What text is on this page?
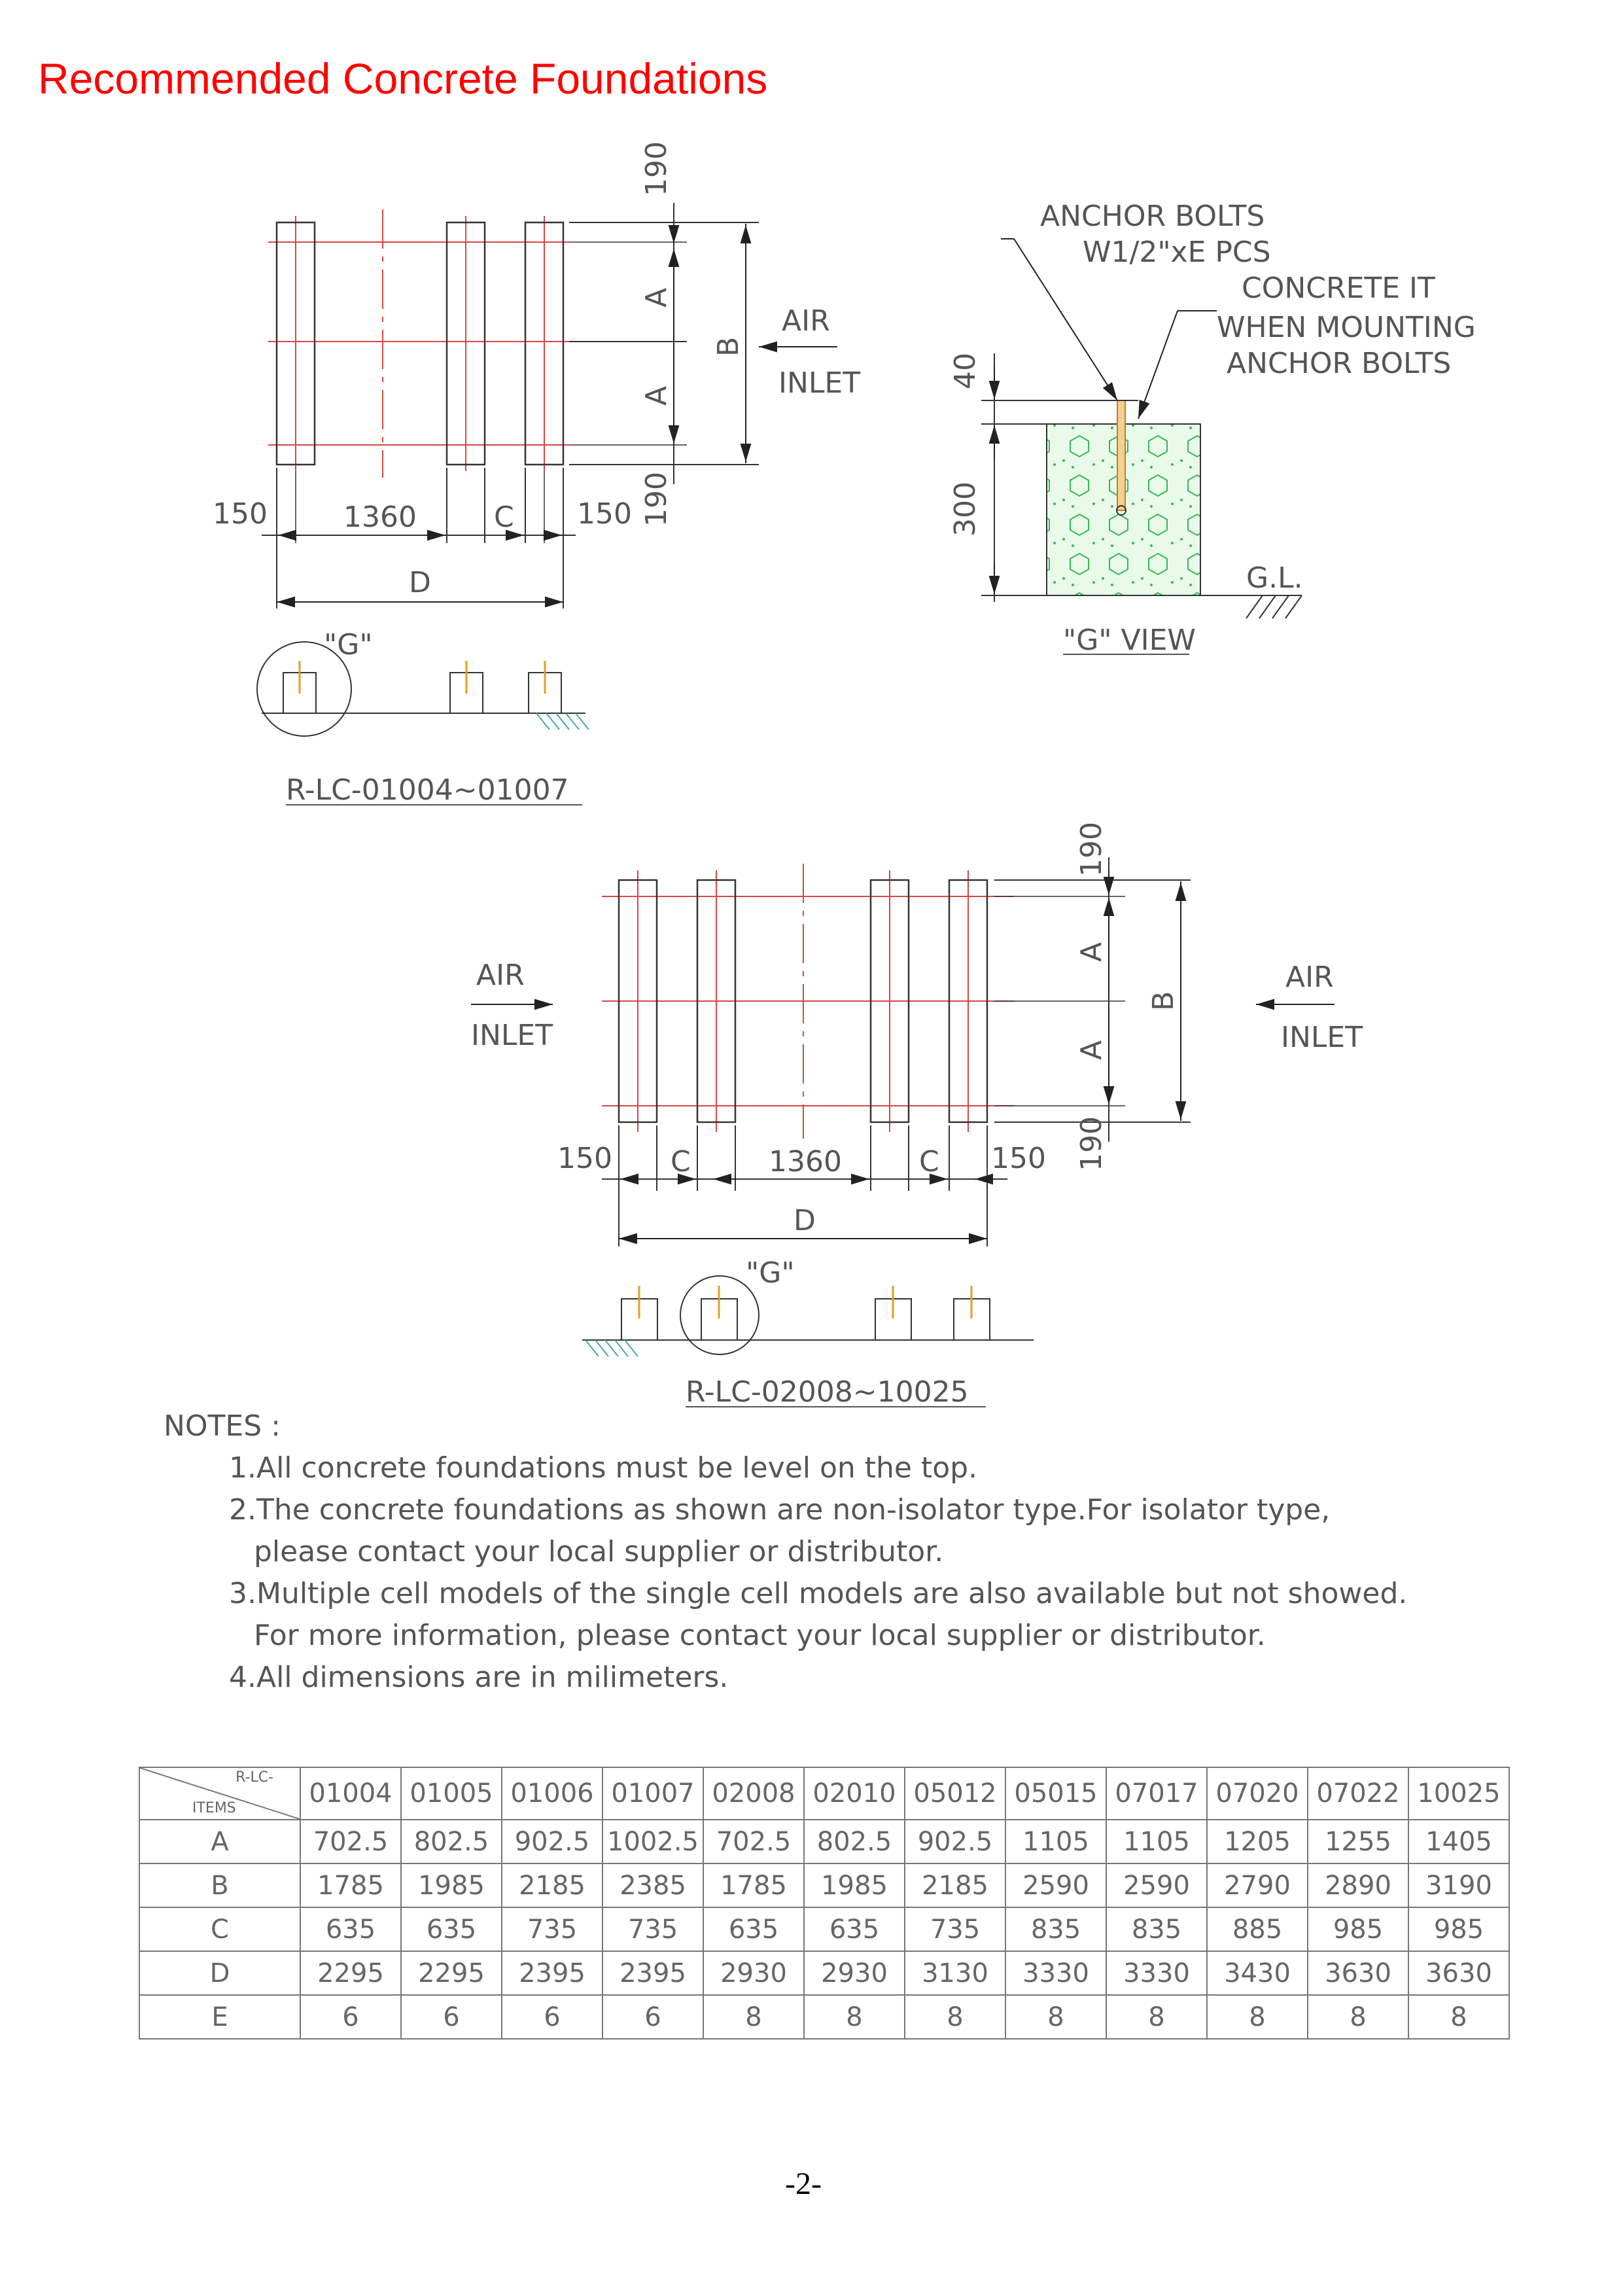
Recommended Concrete Foundations
190
A
A
B
190
AIR
INLET
150	1360	C 150
D
"G"
R-LC-01004~01007
ANCHOR BOLTS
W1/2"xE PCS
CONCRETE IT
WHEN MOUNTING
ANCHOR BOLTS
40
300
G.L.
"G" VIEW
AIR
INLET
AIR
INLET
190
A
A
B
190
150 C	1360	C 150
D
"G"
R-LC-02008~10025
NOTES :
1.All concrete foundations must be level on the top.
2.The concrete foundations as shown are non-isolator type.For isolator type,
please contact your local supplier or distributor.
3.Multiple cell models of the single cell models are also available but not showed.
For more information, please contact your local supplier or distributor.
4.All dimensions are in milimeters.
R-LC-
ITEMS	01004	01005	01006	01007	02008	02010	05012	05015	07017	07020	07022	10025
A	702.5	802.5	902.5	1002.5	702.5	802.5	902.5	1105	1105	1205	1255	1405
B	1785	1985	2185	2385	1785	1985	2185	2590	2590	2790	2890	3190
C	635	635	735	735	635	635	735	835	835	885	985	985
D	2295	2295	2395	2395	2930	2930	3130	3330	3330	3430	3630	3630
E	6	6	6	6	8	8	8	8	8	8	8	8
-2-
